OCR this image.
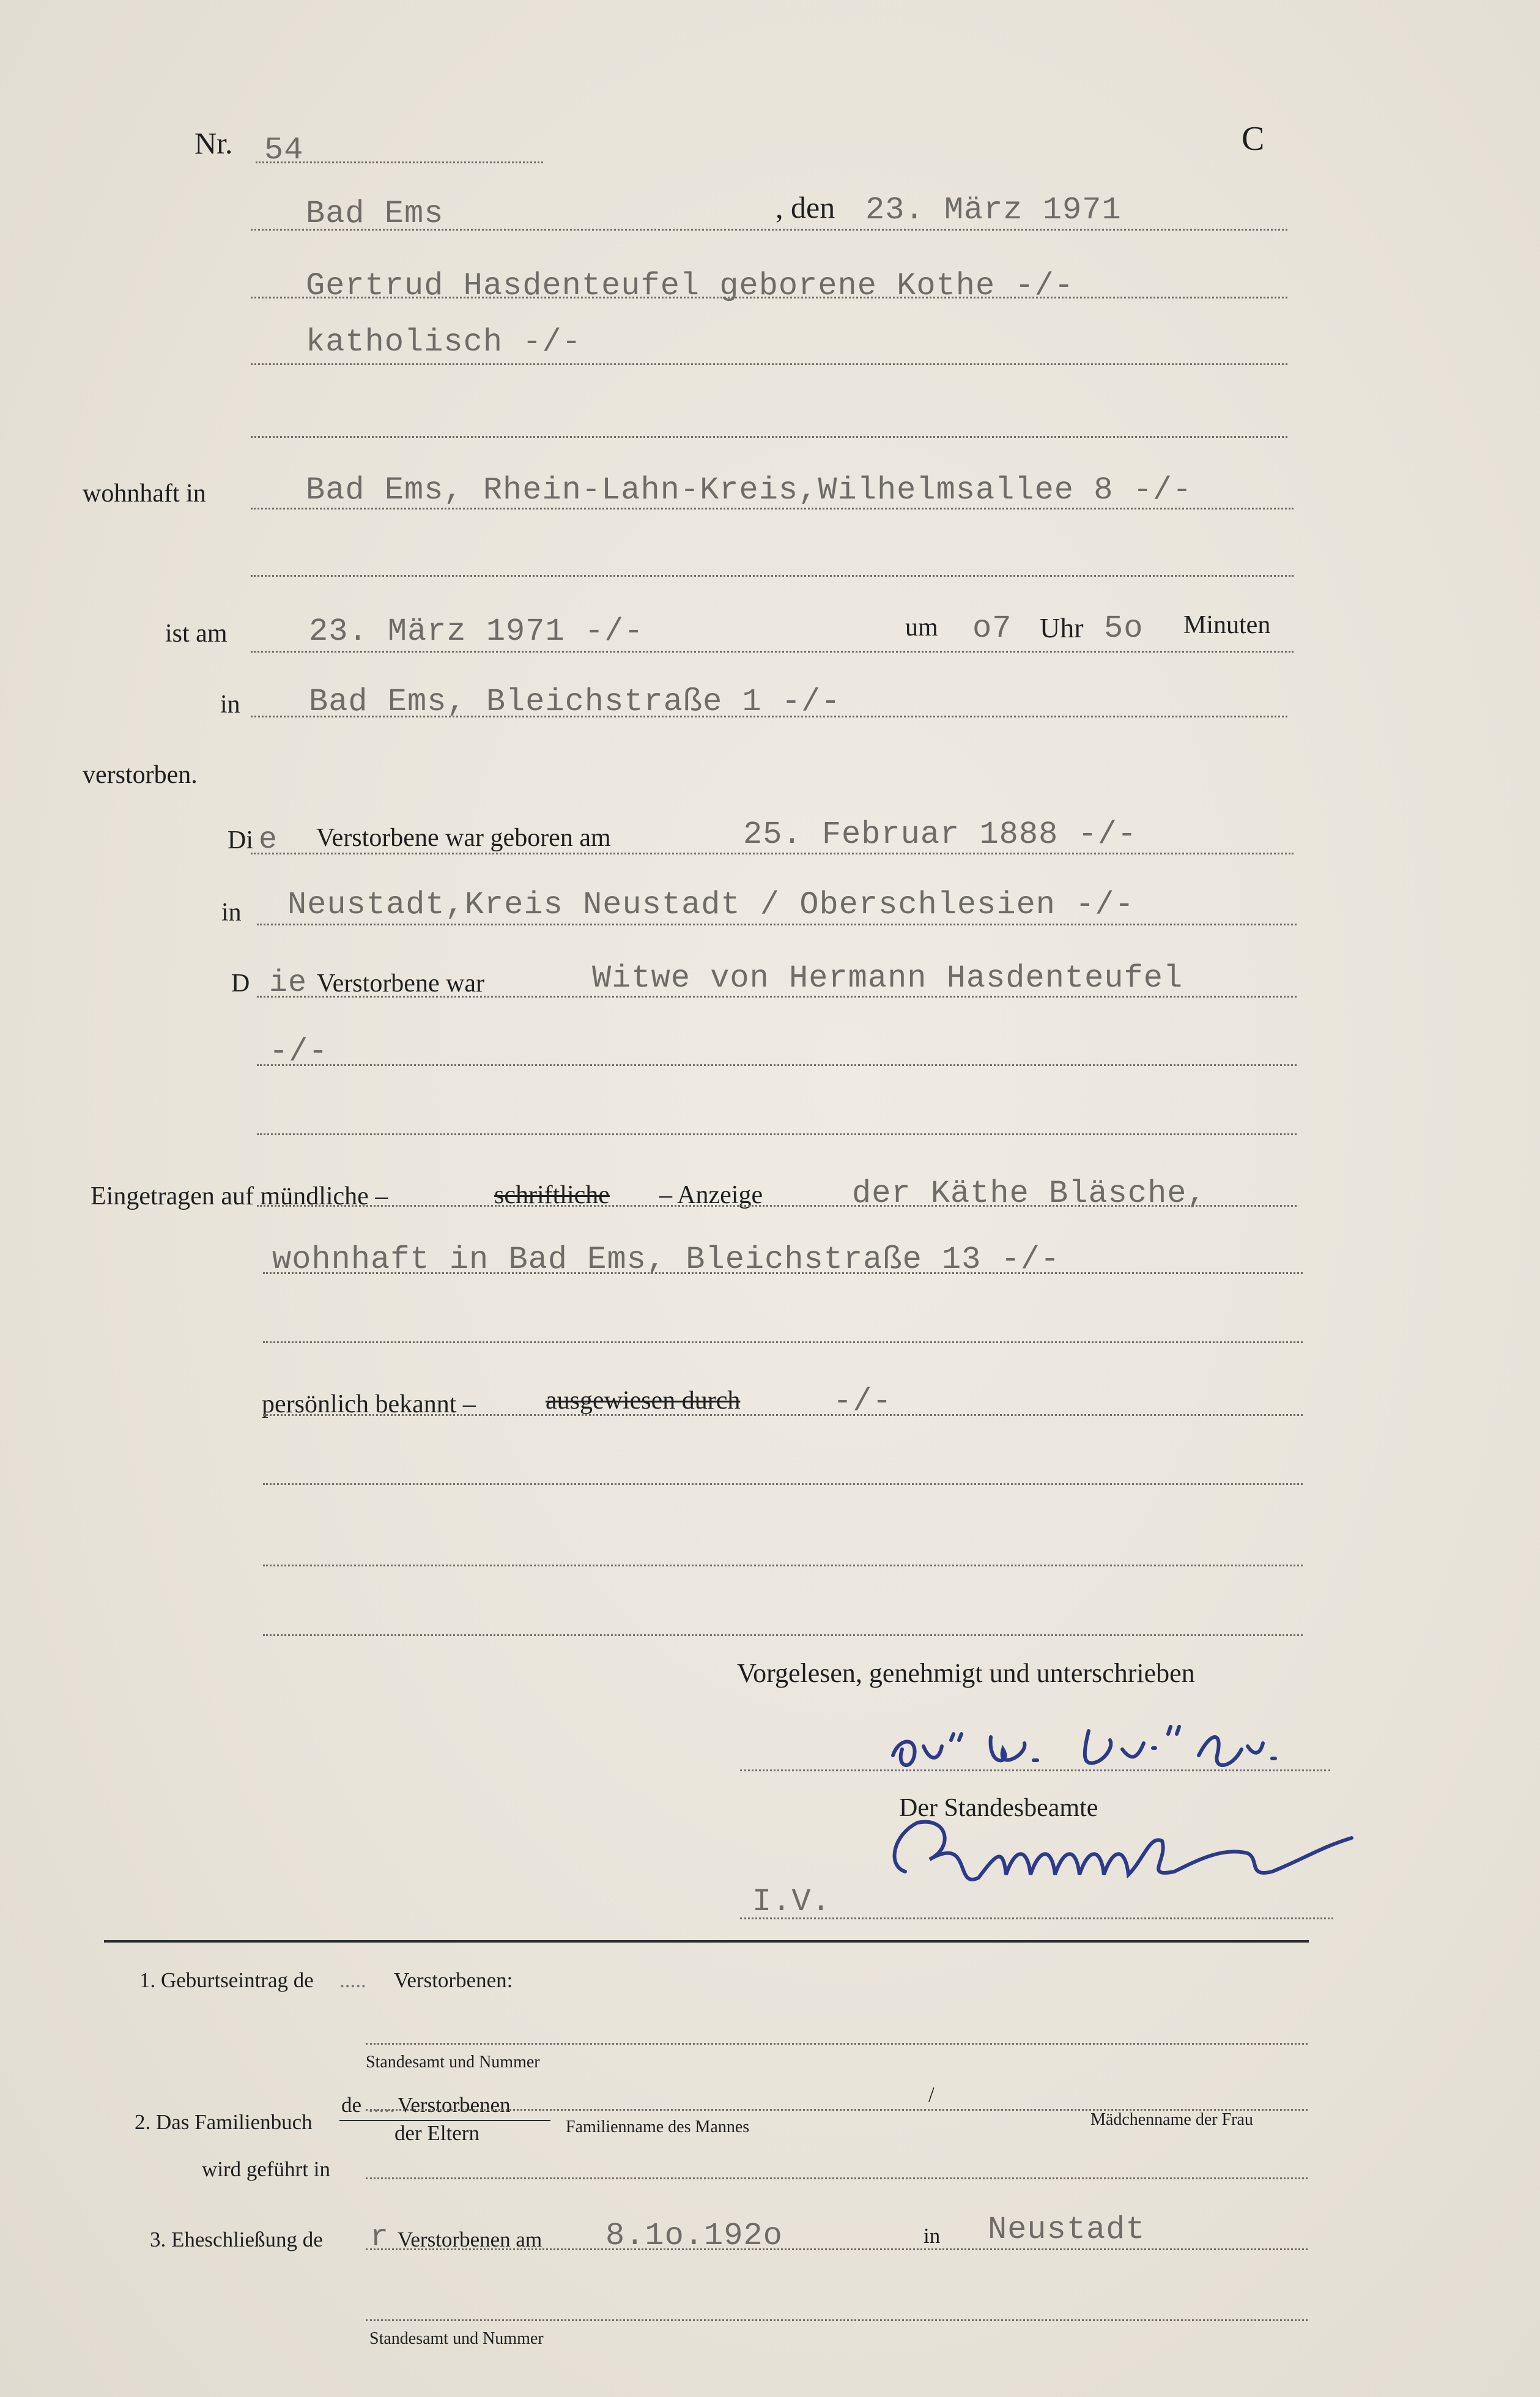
Nr. 54	C
Bad Ems	, den 23. März 1971
Gertrud Hasdenteufel geborene Kothe -/-
katholisch -/-
wohnhaft in	Bad Ems, Rhein-Lahn-Kreis,Wilhelmsallee 8 -/-
ist am	23. März 1971 -/-	um o7 Uhr 5o Minuten
in Bad Ems, Bleichstraße 1 -/-
verstorben.
Di e Verstorbene war geboren am	25. Februar 1888 -/-
in Neustadt,Kreis Neustadt / Oberschlesien -/-
D ie Verstorbene war	Witwe von Hermann Hasdenteufel
-/-
Eingetragen auf mündliche –	schriftliche – Anzeige	der Käthe Bläsche,
wohnhaft in Bad Ems, Bleichstraße 13 -/-
persönlich bekannt –	ausgewiesen durch	-/-
Vorgelesen, genehmigt und unterschrieben
Der Standesbeamte
I.V.
1. Geburtseintrag de ..... Verstorbenen:
Standesamt und Nummer
de ..... Verstorbenen
2. Das Familienbuch	der Eltern
/
Familienname des Mannes	Mädchenname der Frau
wird geführt in
3. Eheschließung de r Verstorbenen am 8.1o.192o	in Neustadt
Standesamt und Nummer
